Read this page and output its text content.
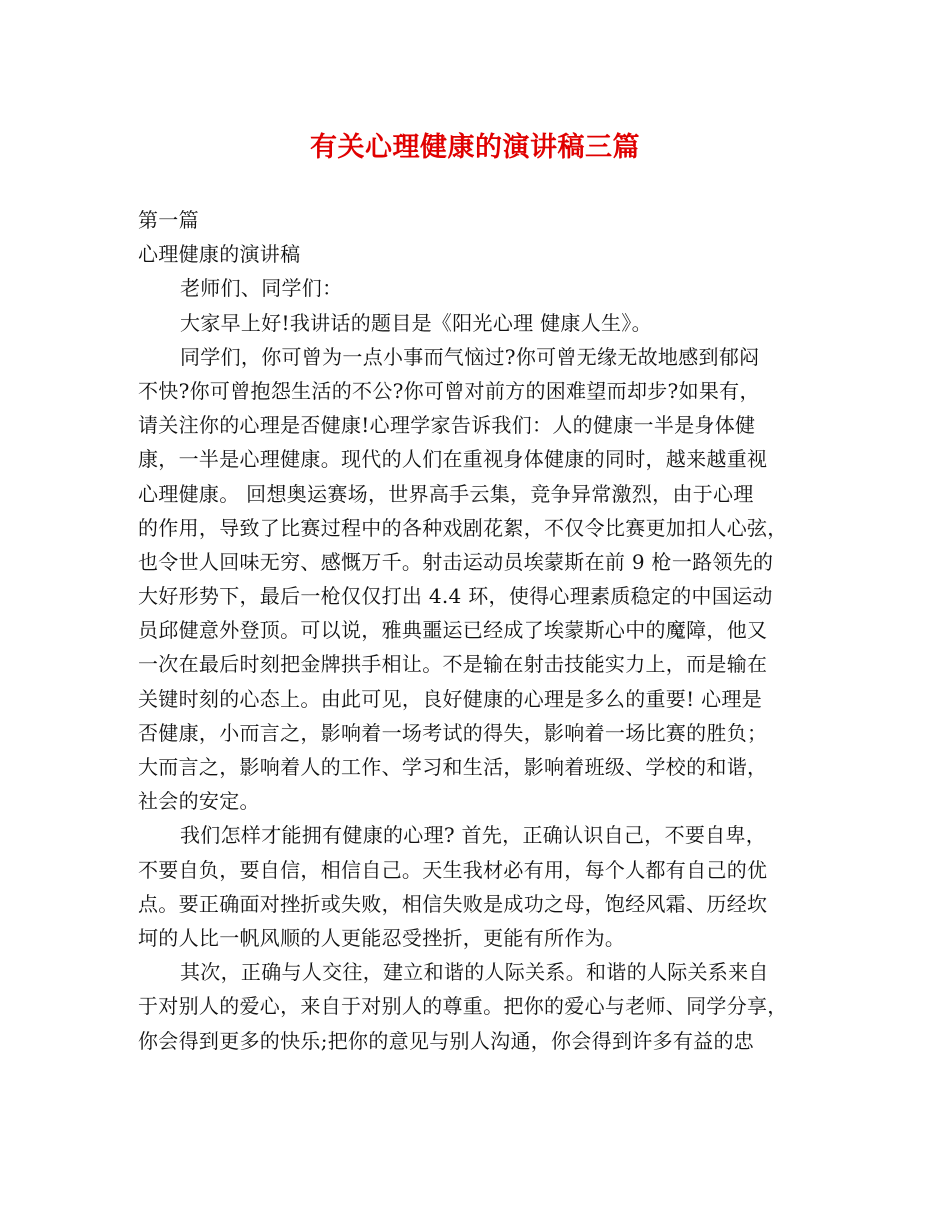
有关心理健康的演讲稿三篇
第一篇
心理健康的演讲稿
老师们、同学们：
大家早上好!我讲话的题目是《阳光心理 健康人生》。
同学们，你可曾为一点小事而气恼过?你可曾无缘无故地感到郁闷
不快?你可曾抱怨生活的不公?你可曾对前方的困难望而却步?如果有，
请关注你的心理是否健康!心理学家告诉我们：人的健康一半是身体健
康，一半是心理健康。现代的人们在重视身体健康的同时，越来越重视
心理健康。 回想奥运赛场，世界高手云集，竞争异常激烈，由于心理
的作用，导致了比赛过程中的各种戏剧花絮，不仅令比赛更加扣人心弦，
也令世人回味无穷、感慨万千。射击运动员埃蒙斯在前 9 枪一路领先的
大好形势下，最后一枪仅仅打出 4.4 环，使得心理素质稳定的中国运动
员邱健意外登顶。可以说，雅典噩运已经成了埃蒙斯心中的魔障，他又
一次在最后时刻把金牌拱手相让。不是输在射击技能实力上，而是输在
关键时刻的心态上。由此可见，良好健康的心理是多么的重要! 心理是
否健康，小而言之，影响着一场考试的得失，影响着一场比赛的胜负；
大而言之，影响着人的工作、学习和生活，影响着班级、学校的和谐，
社会的安定。
我们怎样才能拥有健康的心理? 首先，正确认识自己，不要自卑，
不要自负，要自信，相信自己。天生我材必有用，每个人都有自己的优
点。要正确面对挫折或失败，相信失败是成功之母，饱经风霜、历经坎
坷的人比一帆风顺的人更能忍受挫折，更能有所作为。
其次，正确与人交往，建立和谐的人际关系。和谐的人际关系来自
于对别人的爱心，来自于对别人的尊重。把你的爱心与老师、同学分享，
你会得到更多的快乐;把你的意见与别人沟通，你会得到许多有益的忠
